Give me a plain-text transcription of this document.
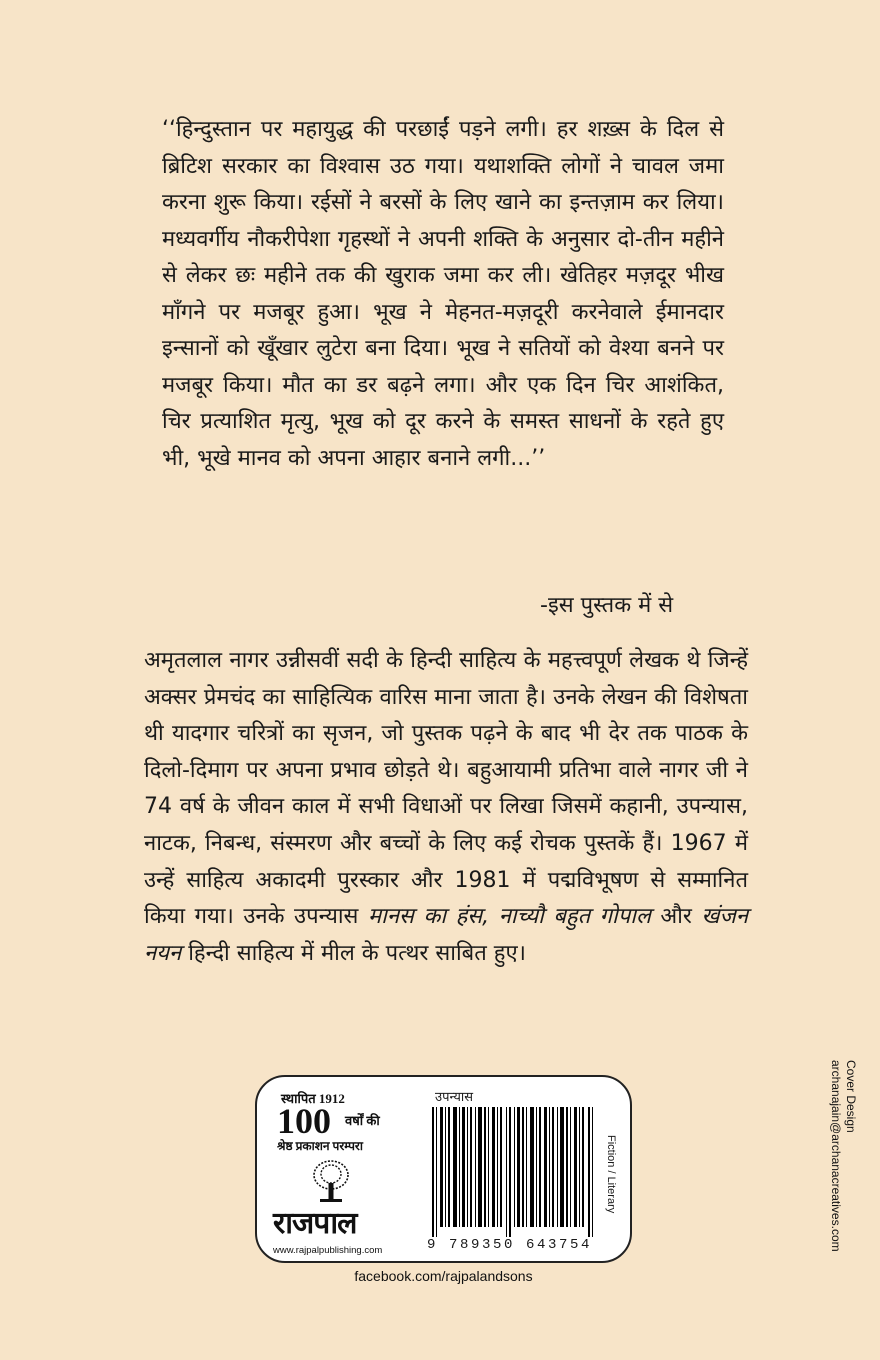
‘‘हिन्दुस्तान पर महायुद्ध की परछाईं पड़ने लगी। हर शख़्स के दिल से ब्रिटिश सरकार का विश्वास उठ गया। यथाशक्ति लोगों ने चावल जमा करना शुरू किया। रईसों ने बरसों के लिए खाने का इन्तज़ाम कर लिया। मध्यवर्गीय नौकरीपेशा गृहस्थों ने अपनी शक्ति के अनुसार दो-तीन महीने से लेकर छः महीने तक की खुराक जमा कर ली। खेतिहर मज़दूर भीख माँगने पर मजबूर हुआ। भूख ने मेहनत-मज़दूरी करनेवाले ईमानदार इन्सानों को खूँखार लुटेरा बना दिया। भूख ने सतियों को वेश्या बनने पर मजबूर किया। मौत का डर बढ़ने लगा। और एक दिन चिर आशंकित, चिर प्रत्याशित मृत्यु, भूख को दूर करने के समस्त साधनों के रहते हुए भी, भूखे मानव को अपना आहार बनाने लगी...’’

-इस पुस्तक में से

अमृतलाल नागर उन्नीसवीं सदी के हिन्दी साहित्य के महत्त्वपूर्ण लेखक थे जिन्हें अक्सर प्रेमचंद का साहित्यिक वारिस माना जाता है। उनके लेखन की विशेषता थी यादगार चरित्रों का सृजन, जो पुस्तक पढ़ने के बाद भी देर तक पाठक के दिलो-दिमाग पर अपना प्रभाव छोड़ते थे। बहुआयामी प्रतिभा वाले नागर जी ने 74 वर्ष के जीवन काल में सभी विधाओं पर लिखा जिसमें कहानी, उपन्यास, नाटक, निबन्ध, संस्मरण और बच्चों के लिए कई रोचक पुस्तकें हैं। 1967 में उन्हें साहित्य अकादमी पुरस्कार और 1981 में पद्मविभूषण से सम्मानित किया गया। उनके उपन्यास मानस का हंस, नाच्यौ बहुत गोपाल और खंजन नयन हिन्दी साहित्य में मील के पत्थर साबित हुए।

Cover Design
archanajain@archanacreatives.com
स्थापित 1912
100 वर्षों की
श्रेष्ठ प्रकाशन परम्परा
राजपाल
www.rajpalpublishing.com
उपन्यास
9 789350 643754
Fiction / Literary
facebook.com/rajpalandsons
